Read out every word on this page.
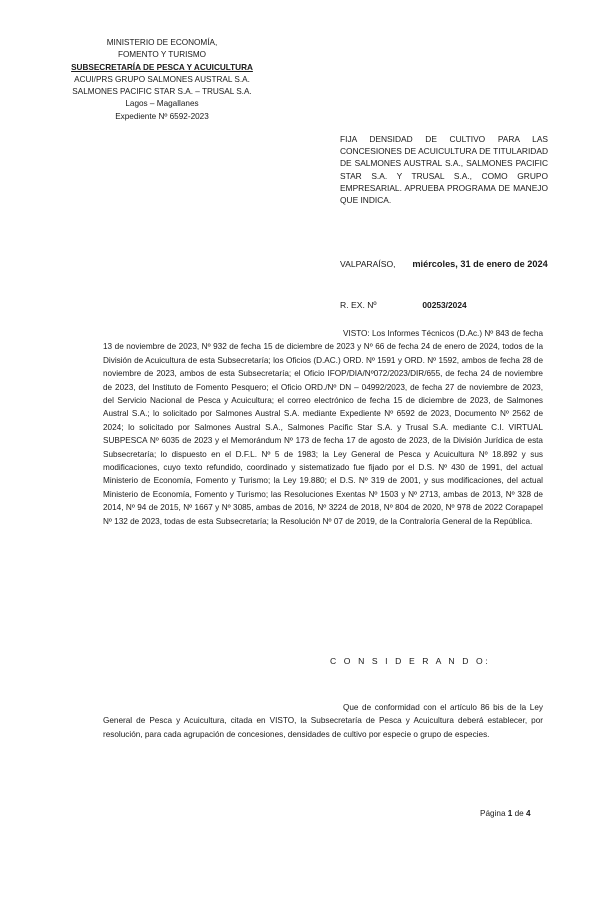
MINISTERIO DE ECONOMÍA,
FOMENTO Y TURISMO
SUBSECRETARÍA DE PESCA Y ACUICULTURA
ACUI/PRS GRUPO SALMONES AUSTRAL S.A.
SALMONES PACIFIC STAR S.A. – TRUSAL S.A.
Lagos – Magallanes
Expediente Nº 6592-2023
FIJA DENSIDAD DE CULTIVO PARA LAS CONCESIONES DE ACUICULTURA DE TITULARIDAD DE SALMONES AUSTRAL S.A., SALMONES PACIFIC STAR S.A. Y TRUSAL S.A., COMO GRUPO EMPRESARIAL. APRUEBA PROGRAMA DE MANEJO QUE INDICA.
VALPARAÍSO, miércoles, 31 de enero de 2024
R. EX. Nº	00253/2024
VISTO: Los Informes Técnicos (D.Ac.) Nº 843 de fecha 13 de noviembre de 2023, Nº 932 de fecha 15 de diciembre de 2023 y Nº 66 de fecha 24 de enero de 2024, todos de la División de Acuicultura de esta Subsecretaría; los Oficios (D.AC.) ORD. Nº 1591 y ORD. Nº 1592, ambos de fecha 28 de noviembre de 2023, ambos de esta Subsecretaría; el Oficio IFOP/DIA/Nº072/2023/DIR/655, de fecha 24 de noviembre de 2023, del Instituto de Fomento Pesquero; el Oficio ORD./Nº DN – 04992/2023, de fecha 27 de noviembre de 2023, del Servicio Nacional de Pesca y Acuicultura; el correo electrónico de fecha 15 de diciembre de 2023, de Salmones Austral S.A.; lo solicitado por Salmones Austral S.A. mediante Expediente Nº 6592 de 2023, Documento Nº 2562 de 2024; lo solicitado por Salmones Austral S.A., Salmones Pacific Star S.A. y Trusal S.A. mediante C.I. VIRTUAL SUBPESCA Nº 6035 de 2023 y el Memorándum Nº 173 de fecha 17 de agosto de 2023, de la División Jurídica de esta Subsecretaría; lo dispuesto en el D.F.L. Nº 5 de 1983; la Ley General de Pesca y Acuicultura Nº 18.892 y sus modificaciones, cuyo texto refundido, coordinado y sistematizado fue fijado por el D.S. Nº 430 de 1991, del actual Ministerio de Economía, Fomento y Turismo; la Ley 19.880; el D.S. Nº 319 de 2001, y sus modificaciones, del actual Ministerio de Economía, Fomento y Turismo; las Resoluciones Exentas Nº 1503 y Nº 2713, ambas de 2013, Nº 328 de 2014, Nº 94 de 2015, Nº 1667 y Nº 3085, ambas de 2016, Nº 3224 de 2018, Nº 804 de 2020, Nº 978 de 2022 Corapapel Nº 132 de 2023, todas de esta Subsecretaría; la Resolución Nº 07 de 2019, de la Contraloría General de la República.
C O N S I D E R A N D O:
Que de conformidad con el artículo 86 bis de la Ley General de Pesca y Acuicultura, citada en VISTO, la Subsecretaría de Pesca y Acuicultura deberá establecer, por resolución, para cada agrupación de concesiones, densidades de cultivo por especie o grupo de especies.
Página 1 de 4
